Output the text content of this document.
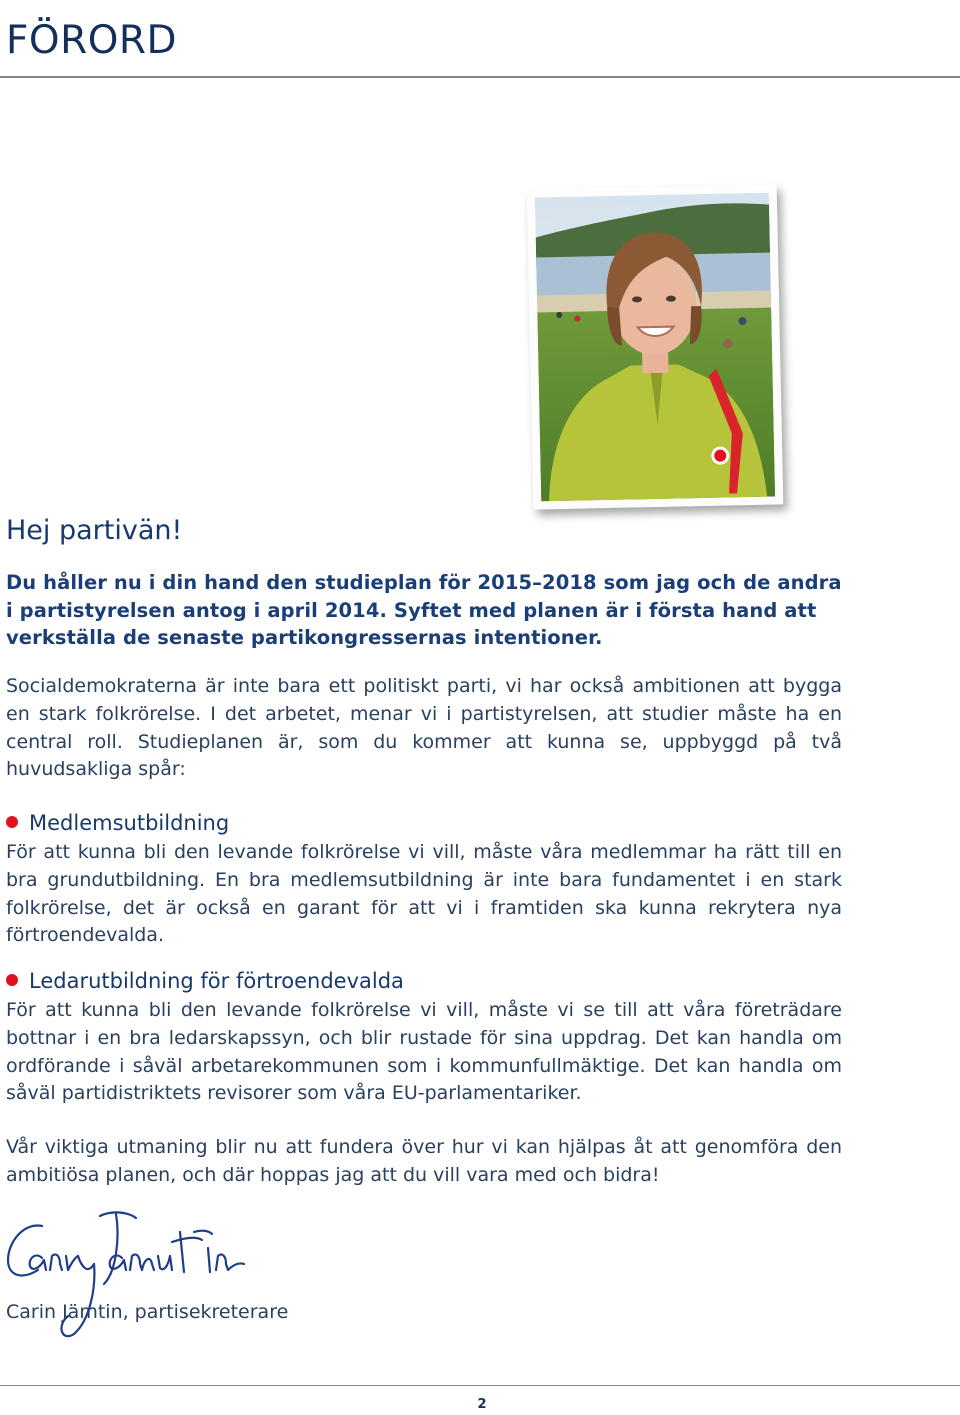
FÖRORD
Hej partivän!

Du håller nu i din hand den studieplan för 2015–2018 som jag och de andra i partistyrelsen antog i april 2014. Syftet med planen är i första hand att verkställa de senaste partikongressernas intentioner.

Socialdemokraterna är inte bara ett politiskt parti, vi har också ambitionen att bygga en stark folkrörelse. I det arbetet, menar vi i partistyrelsen, att studier måste ha en central roll. Studieplanen är, som du kommer att kunna se, uppbyggd på två huvudsakliga spår:

Medlemsutbildning

För att kunna bli den levande folkrörelse vi vill, måste våra medlemmar ha rätt till en bra grundutbildning. En bra medlemsutbildning är inte bara fundamentet i en stark folkrörelse, det är också en garant för att vi i framtiden ska kunna rekrytera nya förtroendevalda.

Ledarutbildning för förtroendevalda

För att kunna bli den levande folkrörelse vi vill, måste vi se till att våra företrädare bottnar i en bra ledarskapssyn, och blir rustade för sina uppdrag. Det kan handla om ordförande i såväl arbetarekommunen som i kommunfullmäktige. Det kan handla om såväl partidistriktets revisorer som våra EU-parlamentariker.

Vår viktiga utmaning blir nu att fundera över hur vi kan hjälpas åt att genomföra den ambitiösa planen, och där hoppas jag att du vill vara med och bidra!

Carin Jämtin, partisekreterare

2
